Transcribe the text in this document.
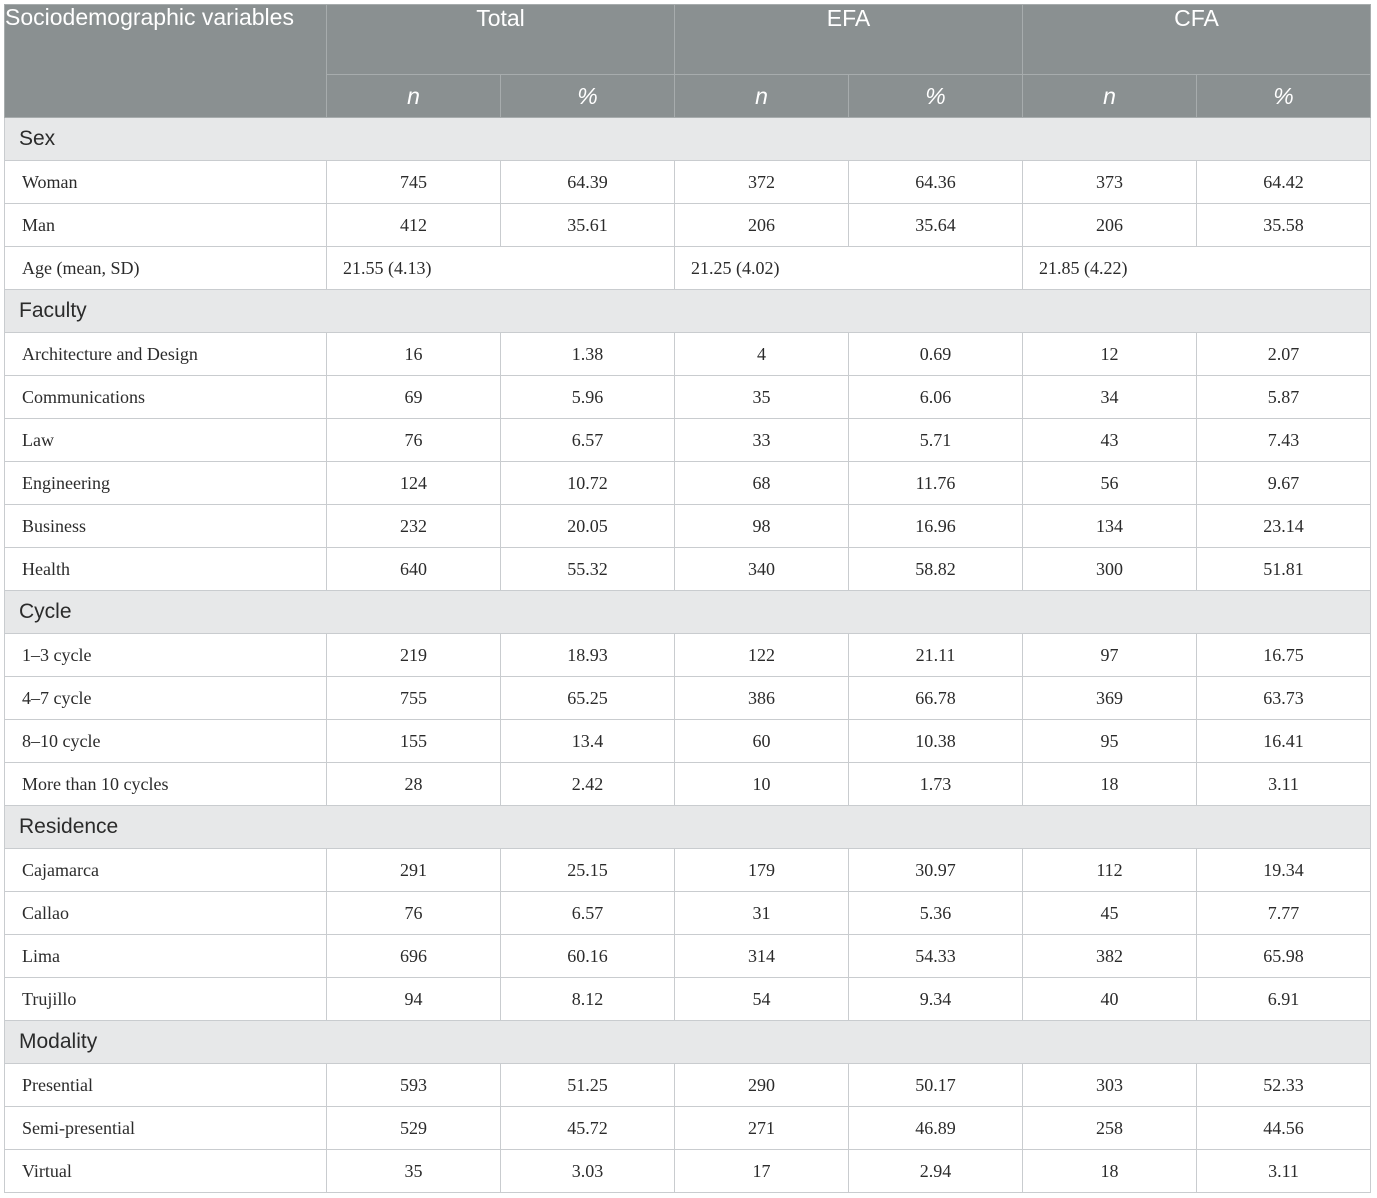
Sociodemographic variables	Total		EFA		CFA	
	n	%	n	%	n	%
Sex						
Woman	745	64.39	372	64.36	373	64.42
Man	412	35.61	206	35.64	206	35.58
Age (mean, SD)	21.55 (4.13)		21.25 (4.02)		21.85 (4.22)	
Faculty						
Architecture and Design	16	1.38	4	0.69	12	2.07
Communications	69	5.96	35	6.06	34	5.87
Law	76	6.57	33	5.71	43	7.43
Engineering	124	10.72	68	11.76	56	9.67
Business	232	20.05	98	16.96	134	23.14
Health	640	55.32	340	58.82	300	51.81
Cycle						
1–3 cycle	219	18.93	122	21.11	97	16.75
4–7 cycle	755	65.25	386	66.78	369	63.73
8–10 cycle	155	13.4	60	10.38	95	16.41
More than 10 cycles	28	2.42	10	1.73	18	3.11
Residence						
Cajamarca	291	25.15	179	30.97	112	19.34
Callao	76	6.57	31	5.36	45	7.77
Lima	696	60.16	314	54.33	382	65.98
Trujillo	94	8.12	54	9.34	40	6.91
Modality						
Presential	593	51.25	290	50.17	303	52.33
Semi-presential	529	45.72	271	46.89	258	44.56
Virtual	35	3.03	17	2.94	18	3.11
